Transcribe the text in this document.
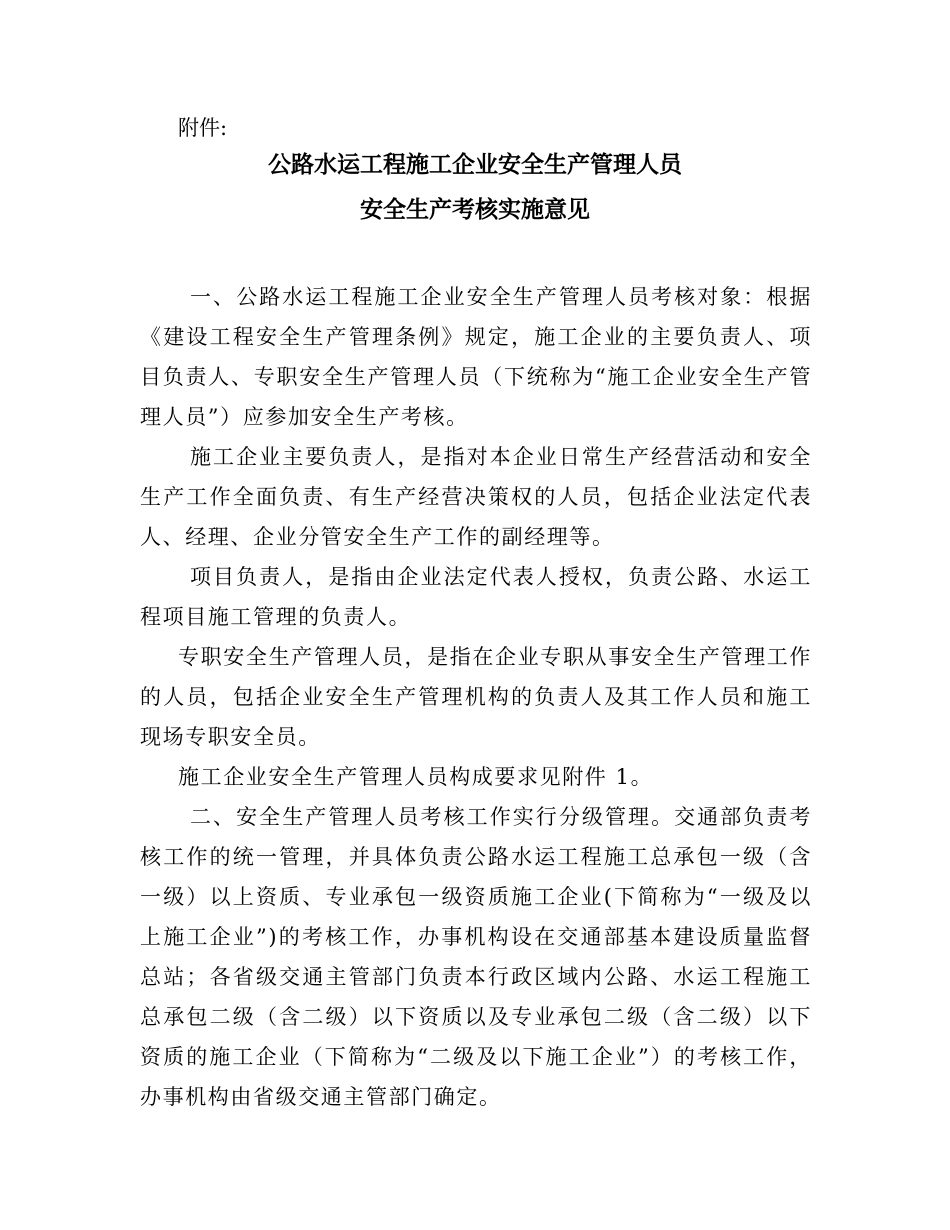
附件:
公路水运工程施工企业安全生产管理人员
安全生产考核实施意见

一、公路水运工程施工企业安全生产管理人员考核对象：根据《建设工程安全生产管理条例》规定，施工企业的主要负责人、项目负责人、专职安全生产管理人员（下统称为“施工企业安全生产管理人员”）应参加安全生产考核。

施工企业主要负责人，是指对本企业日常生产经营活动和安全生产工作全面负责、有生产经营决策权的人员，包括企业法定代表人、经理、企业分管安全生产工作的副经理等。

项目负责人，是指由企业法定代表人授权，负责公路、水运工程项目施工管理的负责人。

专职安全生产管理人员，是指在企业专职从事安全生产管理工作的人员，包括企业安全生产管理机构的负责人及其工作人员和施工现场专职安全员。

施工企业安全生产管理人员构成要求见附件 1。

二、安全生产管理人员考核工作实行分级管理。交通部负责考核工作的统一管理，并具体负责公路水运工程施工总承包一级（含一级）以上资质、专业承包一级资质施工企业(下简称为“一级及以上施工企业”)的考核工作，办事机构设在交通部基本建设质量监督总站；各省级交通主管部门负责本行政区域内公路、水运工程施工总承包二级（含二级）以下资质以及专业承包二级（含二级）以下资质的施工企业（下简称为“二级及以下施工企业”）的考核工作，办事机构由省级交通主管部门确定。
